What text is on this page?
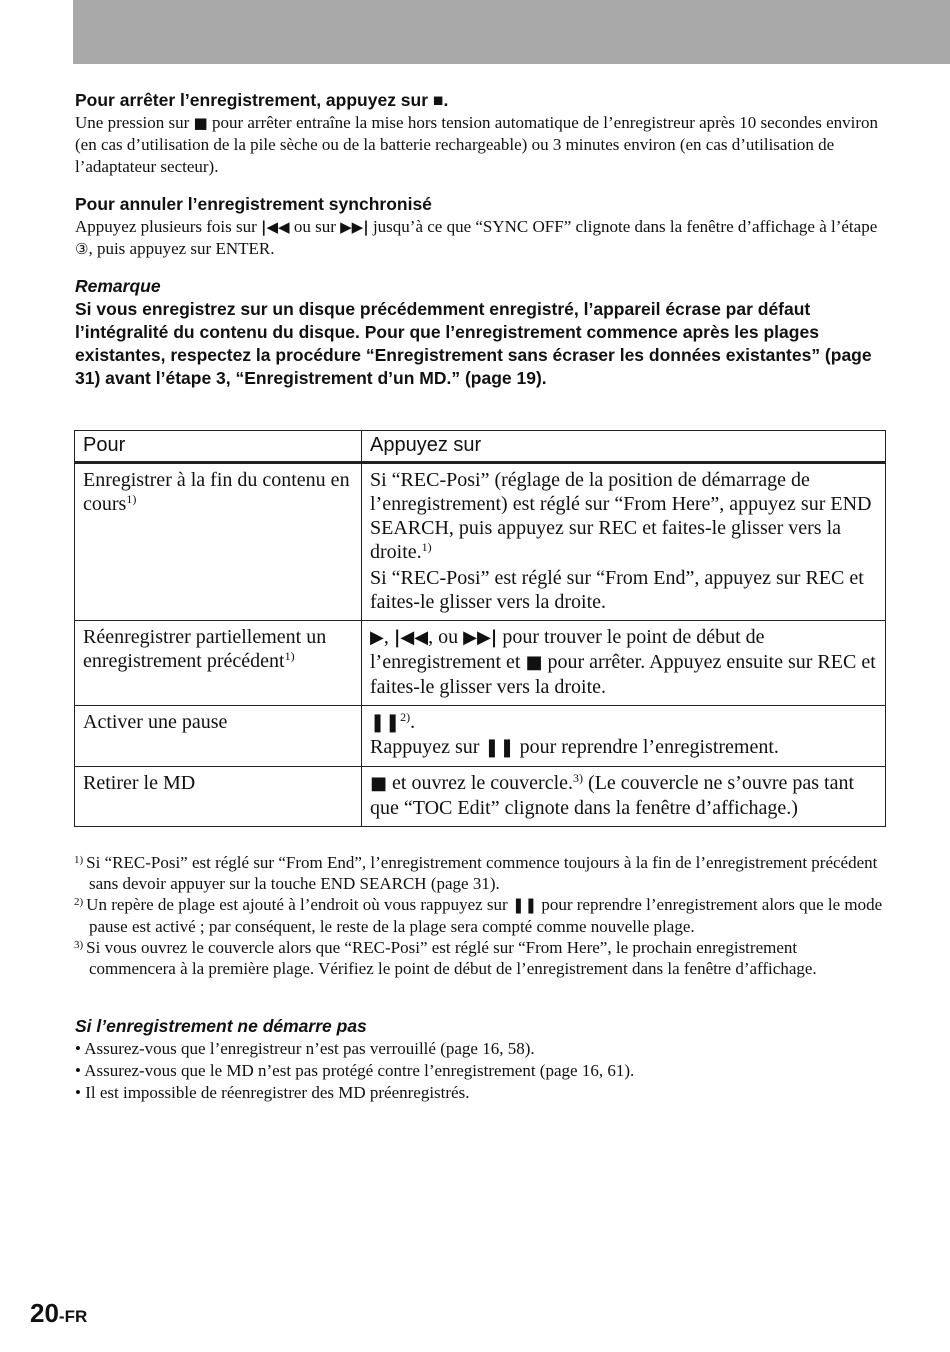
Pour arrêter l’enregistrement, appuyez sur ■.

Une pression sur ■ pour arrêter entraîne la mise hors tension automatique de l’enregistreur après 10 secondes environ (en cas d’utilisation de la pile sèche ou de la batterie rechargeable) ou 3 minutes environ (en cas d’utilisation de l’adaptateur secteur).

Pour annuler l’enregistrement synchronisé

Appuyez plusieurs fois sur |◀◀ ou sur ▶▶| jusqu’à ce que “SYNC OFF” clignote dans la fenêtre d’affichage à l’étape ③, puis appuyez sur ENTER.

Remarque

Si vous enregistrez sur un disque précédemment enregistré, l’appareil écrase par défaut l’intégralité du contenu du disque. Pour que l’enregistrement commence après les plages existantes, respectez la procédure “Enregistrement sans écraser les données existantes” (page 31) avant l’étape 3, “Enregistrement d’un MD.” (page 19).

Pour	Appuyez sur
Enregistrer à la fin du contenu en cours$^{1)}$	Si “REC-Posi” (réglage de la position de démarrage de l’enregistrement) est réglé sur “From Here”, appuyez sur END SEARCH, puis appuyez sur REC et faites-le glisser vers la droite.$^{1)}$
Si “REC-Posi” est réglé sur “From End”, appuyez sur REC et faites-le glisser vers la droite.

Réenregistrer partiellement un enregistrement précédent$^{1)}$	▶, |◀◀, ou ▶▶| pour trouver le point de début de l’enregistrement et ■ pour arrêter. Appuyez ensuite sur REC et faites-le glisser vers la droite.
Activer une pause	❚❚$^{2)}$.
Rappuyez sur ❚❚ pour reprendre l’enregistrement.

Retirer le MD	■ et ouvrez le couvercle.$^{3)}$ (Le couvercle ne s’ouvre pas tant que “TOC Edit” clignote dans la fenêtre d’affichage.)

$^{1)}$ Si “REC-Posi” est réglé sur “From End”, l’enregistrement commence toujours à la fin de l’enregistrement précédent sans devoir appuyer sur la touche END SEARCH (page 31).

$^{2)}$ Un repère de plage est ajouté à l’endroit où vous rappuyez sur ❚❚ pour reprendre l’enregistrement alors que le mode pause est activé ; par conséquent, le reste de la plage sera compté comme nouvelle plage.

$^{3)}$ Si vous ouvrez le couvercle alors que “REC-Posi” est réglé sur “From Here”, le prochain enregistrement commencera à la première plage. Vérifiez le point de début de l’enregistrement dans la fenêtre d’affichage.

Si l’enregistrement ne démarre pas

• Assurez-vous que l’enregistreur n’est pas verrouillé (page 16, 58).

• Assurez-vous que le MD n’est pas protégé contre l’enregistrement (page 16, 61).

• Il est impossible de réenregistrer des MD préenregistrés.

20-FR
